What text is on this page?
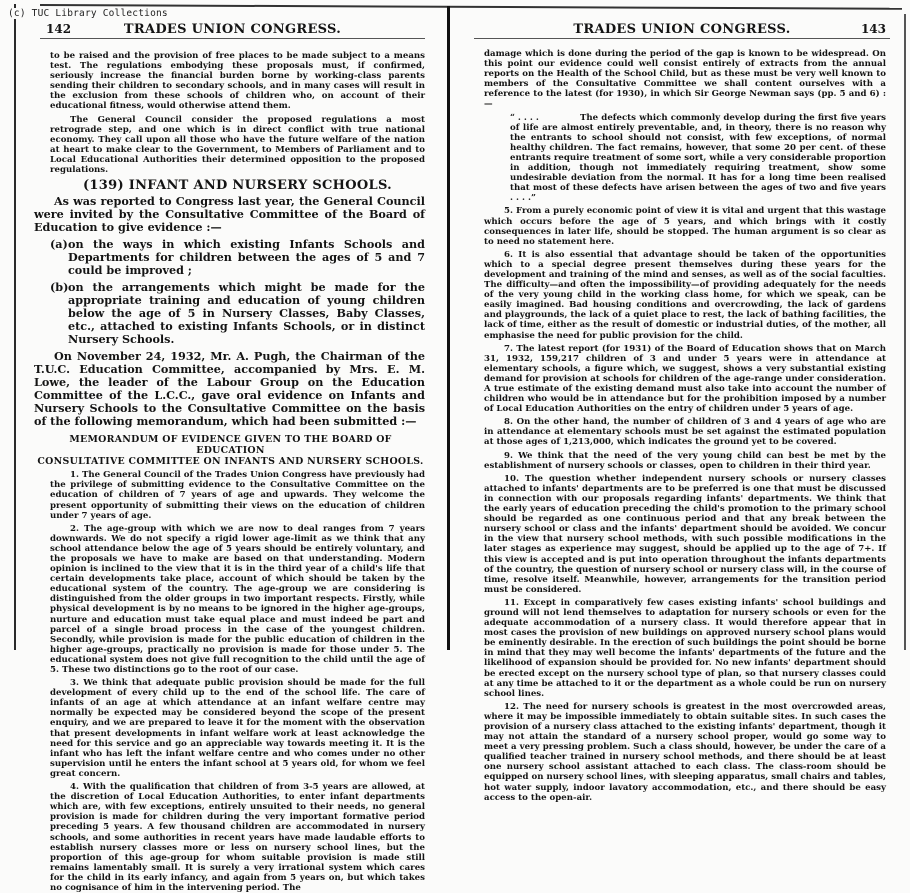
(c) TUC Library Collections
142	TRADES UNION CONGRESS.

to be raised and the provision of free places to be made subject to a means test. The regulations embodying these proposals must, if confirmed, seriously increase the financial burden borne by working-class parents sending their children to secondary schools, and in many cases will result in the exclusion from these schools of children who, on account of their educational fitness, would otherwise attend them.

The General Council consider the proposed regulations a most retrograde step, and one which is in direct conflict with true national economy. They call upon all those who have the future welfare of the nation at heart to make clear to the Government, to Members of Parliament and to Local Educational Authorities their determined opposition to the proposed regulations.

(139) INFANT AND NURSERY SCHOOLS.

As was reported to Congress last year, the General Council were invited by the Consultative Committee of the Board of Education to give evidence :—

(a) on the ways in which existing Infants Schools and Departments for children between the ages of 5 and 7 could be improved ;
(b) on the arrangements which might be made for the appropriate training and education of young children below the age of 5 in Nursery Classes, Baby Classes, etc., attached to existing Infants Schools, or in distinct Nursery Schools.

On November 24, 1932, Mr. A. Pugh, the Chairman of the T.U.C. Education Committee, accompanied by Mrs. E. M. Lowe, the leader of the Labour Group on the Education Committee of the L.C.C., gave oral evidence on Infants and Nursery Schools to the Consultative Committee on the basis of the following memorandum, which had been submitted :—

MEMORANDUM OF EVIDENCE GIVEN TO THE BOARD OF EDUCATION
CONSULTATIVE COMMITTEE ON INFANTS AND NURSERY SCHOOLS.

1. The General Council of the Trades Union Congress have previously had the privilege of submitting evidence to the Consultative Committee on the education of children of 7 years of age and upwards. They welcome the present opportunity of submitting their views on the education of children under 7 years of age.

2. The age-group with which we are now to deal ranges from 7 years downwards. We do not specify a rigid lower age-limit as we think that any school attendance below the age of 5 years should be entirely voluntary, and the proposals we have to make are based on that understanding. Modern opinion is inclined to the view that it is in the third year of a child's life that certain developments take place, account of which should be taken by the educational system of the country. The age-group we are considering is distinguished from the older groups in two important respects. Firstly, while physical development is by no means to be ignored in the higher age-groups, nurture and education must take equal place and must indeed be part and parcel of a single broad process in the case of the youngest children. Secondly, while provision is made for the public education of children in the higher age-groups, practically no provision is made for those under 5. The educational system does not give full recognition to the child until the age of 5. These two distinctions go to the root of our case.

3. We think that adequate public provision should be made for the full development of every child up to the end of the school life. The care of infants of an age at which attendance at an infant welfare centre may normally be expected may be considered beyond the scope of the present enquiry, and we are prepared to leave it for the moment with the observation that present developments in infant welfare work at least acknowledge the need for this service and go an appreciable way towards meeting it. It is the infant who has left the infant welfare centre and who comes under no other supervision until he enters the infant school at 5 years old, for whom we feel great concern.

4. With the qualification that children of from 3-5 years are allowed, at the discretion of Local Education Authorities, to enter infant departments which are, with few exceptions, entirely unsuited to their needs, no general provision is made for children during the very important formative period preceding 5 years. A few thousand children are accommodated in nursery schools, and some authorities in recent years have made laudable efforts to establish nursery classes more or less on nursery school lines, but the proportion of this age-group for whom suitable provision is made still remains lamentably small. It is surely a very irrational system which cares for the child in its early infancy, and again from 5 years on, but which takes no cognisance of him in the intervening period. The

TRADES UNION CONGRESS.	143

damage which is done during the period of the gap is known to be widespread. On this point our evidence could well consist entirely of extracts from the annual reports on the Health of the School Child, but as these must be very well known to members of the Consultative Committee we shall content ourselves with a reference to the latest (for 1930), in which Sir George Newman says (pp. 5 and 6) :—

“ . . . .	The defects which commonly develop during the first five years of life are almost entirely preventable, and, in theory, there is no reason why the entrants to school should not consist, with few exceptions, of normal healthy children. The fact remains, however, that some 20 per cent. of these entrants require treatment of some sort, while a very considerable proportion in addition, though not immediately requiring treatment, show some undesirable deviation from the normal. It has for a long time been realised that most of these defects have arisen between the ages of two and five years . . . .”

5. From a purely economic point of view it is vital and urgent that this wastage which occurs before the age of 5 years, and which brings with it costly consequences in later life, should be stopped. The human argument is so clear as to need no statement here.

6. It is also essential that advantage should be taken of the opportunities which to a special degree present themselves during these years for the development and training of the mind and senses, as well as of the social faculties. The difficulty—and often the impossibility—of providing adequately for the needs of the very young child in the working class home, for which we speak, can be easily imagined. Bad housing conditions and overcrowding, the lack of gardens and playgrounds, the lack of a quiet place to rest, the lack of bathing facilities, the lack of time, either as the result of domestic or industrial duties, of the mother, all emphasise the need for public provision for the child.

7. The latest report (for 1931) of the Board of Education shows that on March 31, 1932, 159,217 children of 3 and under 5 years were in attendance at elementary schools, a figure which, we suggest, shows a very substantial existing demand for provision at schools for children of the age-range under consideration. A true estimate of the existing demand must also take into account the number of children who would be in attendance but for the prohibition imposed by a number of Local Education Authorities on the entry of children under 5 years of age.

8. On the other hand, the number of children of 3 and 4 years of age who are in attendance at elementary schools must be set against the estimated population at those ages of 1,213,000, which indicates the ground yet to be covered.

9. We think that the need of the very young child can best be met by the establishment of nursery schools or classes, open to children in their third year.

10. The question whether independent nursery schools or nursery classes attached to infants' departments are to be preferred is one that must be discussed in connection with our proposals regarding infants' departments. We think that the early years of education preceding the child's promotion to the primary school should be regarded as one continuous period and that any break between the nursery school or class and the infants' department should be avoided. We concur in the view that nursery school methods, with such possible modifications in the later stages as experience may suggest, should be applied up to the age of 7+. If this view is accepted and is put into operation throughout the infants departments of the country, the question of nursery school or nursery class will, in the course of time, resolve itself. Meanwhile, however, arrangements for the transition period must be considered.

11. Except in comparatively few cases existing infants' school buildings and ground will not lend themselves to adaptation for nursery schools or even for the adequate accommodation of a nursery class. It would therefore appear that in most cases the provision of new buildings on approved nursery school plans would be eminently desirable. In the erection of such buildings the point should be borne in mind that they may well become the infants' departments of the future and the likelihood of expansion should be provided for. No new infants' department should be erected except on the nursery school type of plan, so that nursery classes could at any time be attached to it or the department as a whole could be run on nursery school lines.

12. The need for nursery schools is greatest in the most overcrowded areas, where it may be impossible immediately to obtain suitable sites. In such cases the provision of a nursery class attached to the existing infants' department, though it may not attain the standard of a nursery school proper, would go some way to meet a very pressing problem. Such a class should, however, be under the care of a qualified teacher trained in nursery school methods, and there should be at least one nursery school assistant attached to each class. The class-room should be equipped on nursery school lines, with sleeping apparatus, small chairs and tables, hot water supply, indoor lavatory accommodation, etc., and there should be easy access to the open-air.
